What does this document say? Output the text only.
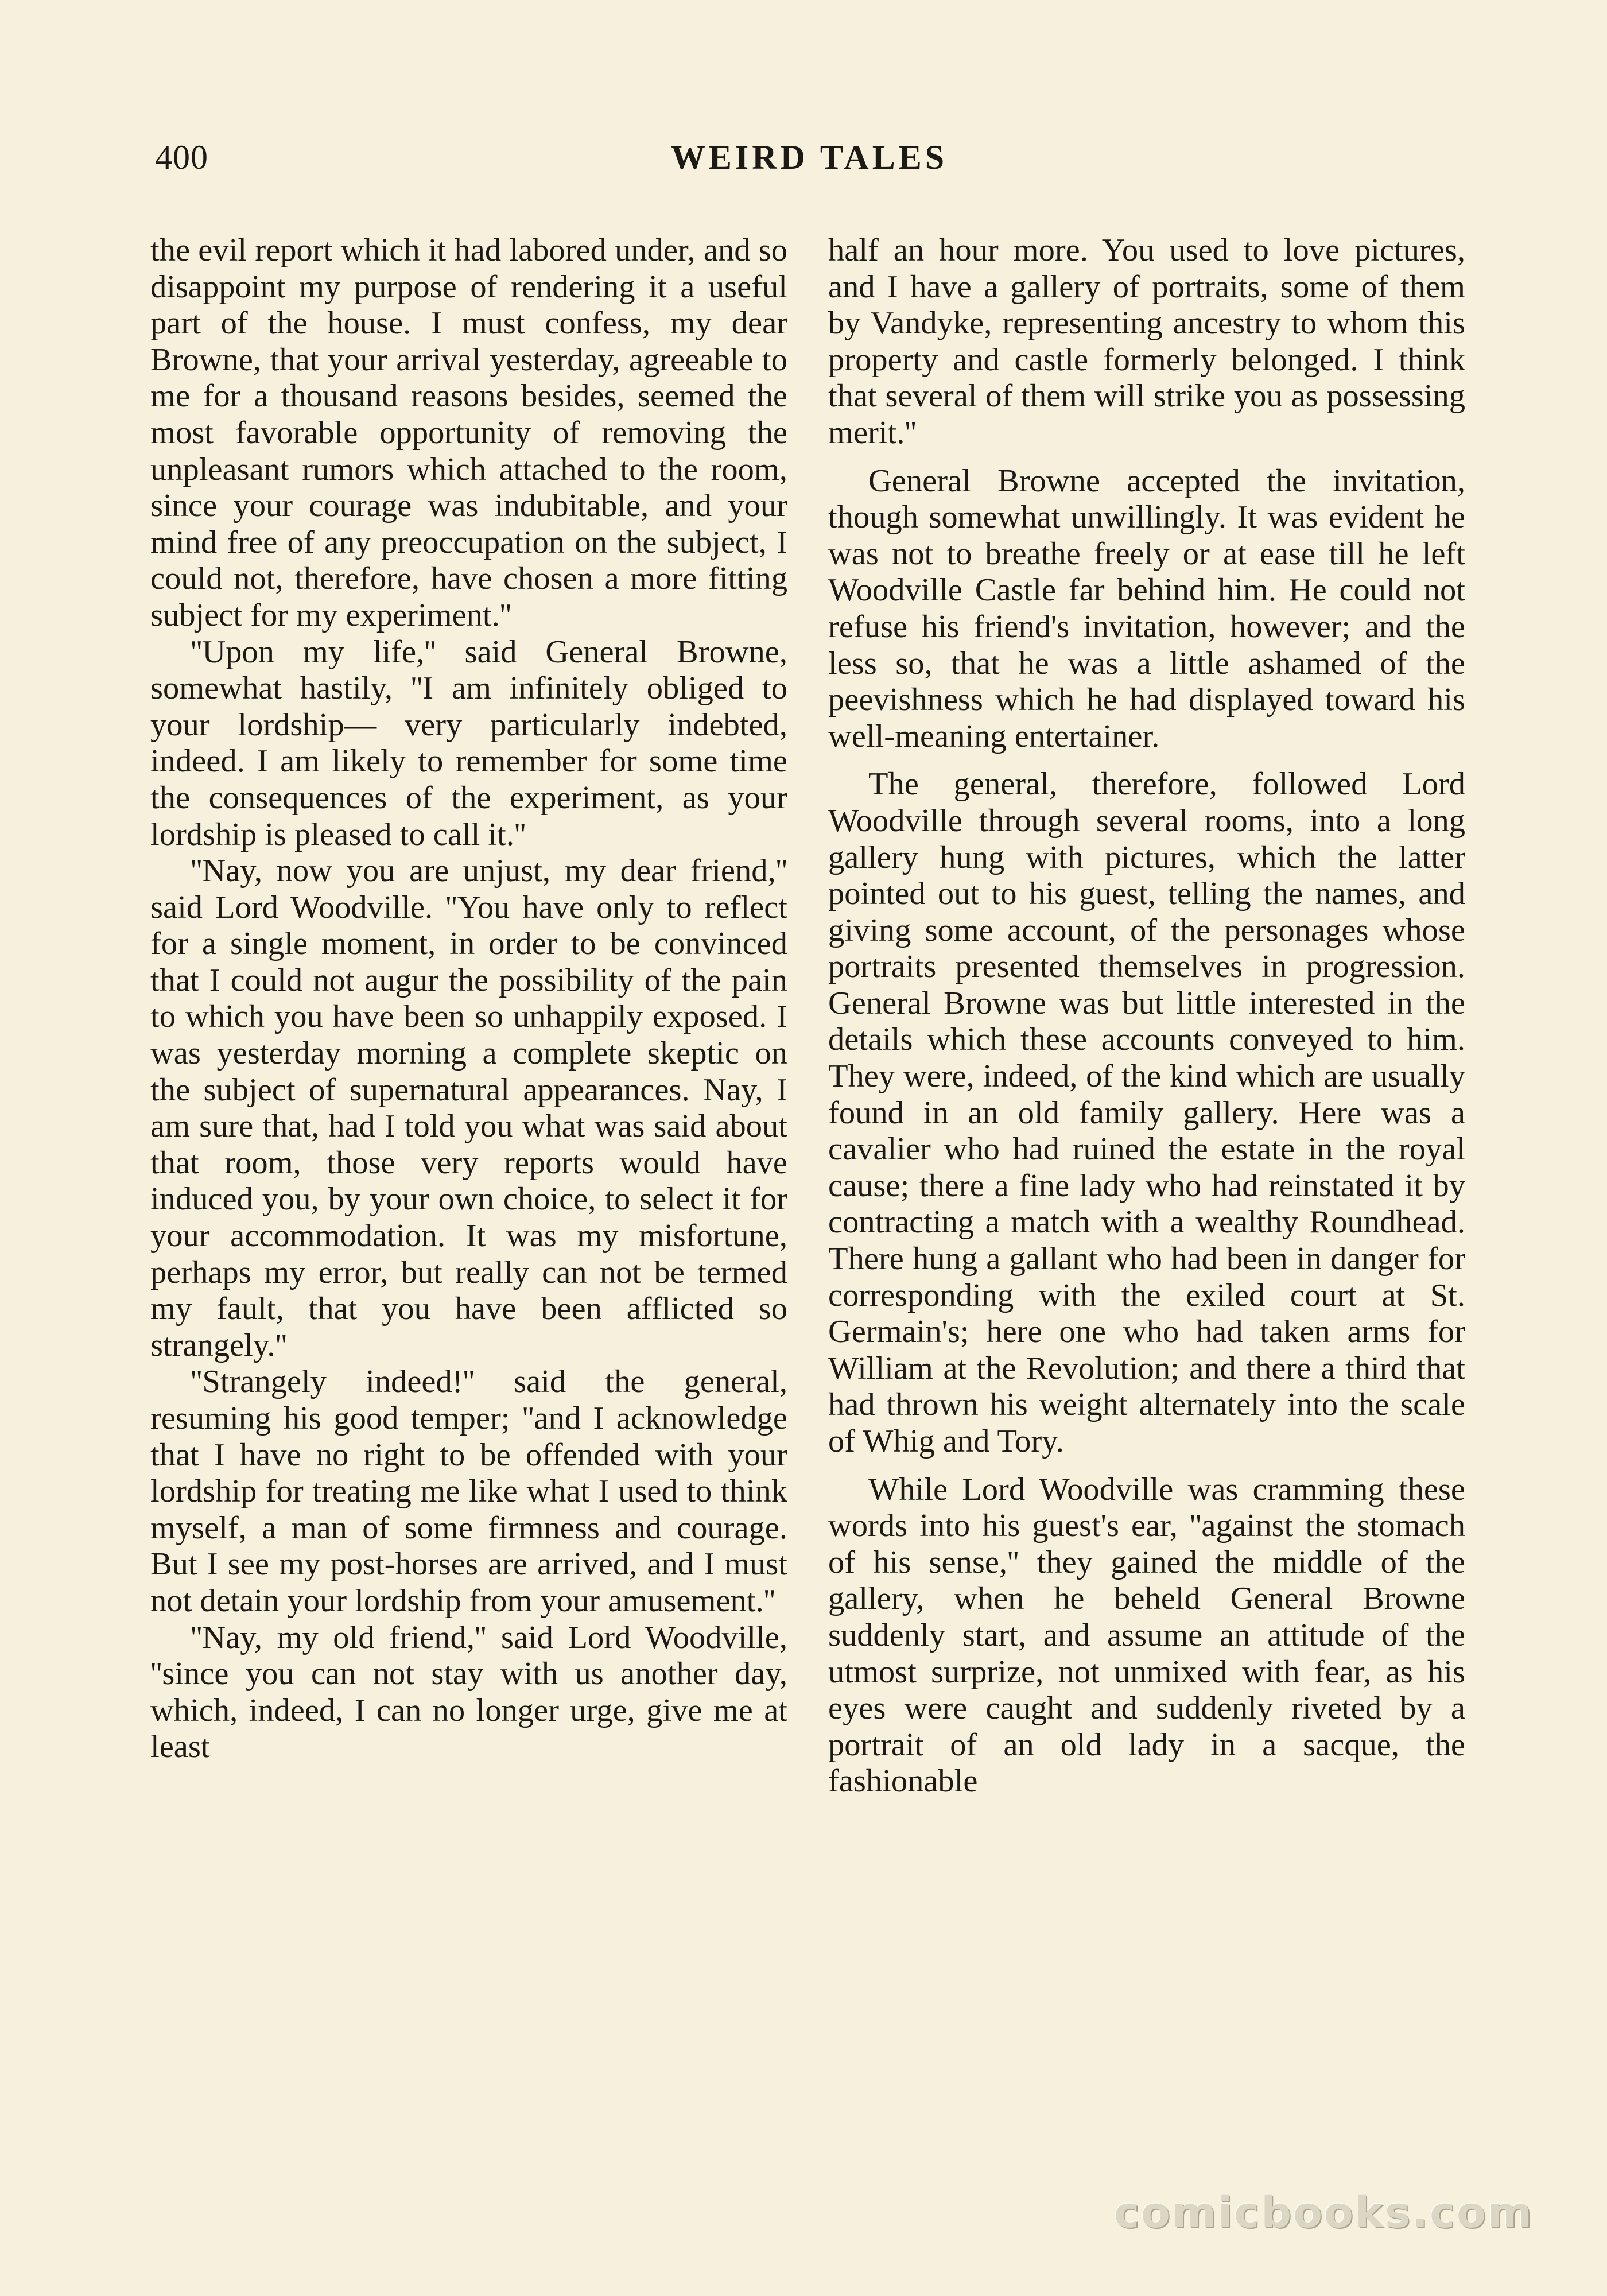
400	WEIRD TALES

the evil report which it had labored under, and so disappoint my purpose of rendering it a useful part of the house. I must confess, my dear Browne, that your arrival yesterday, agreeable to me for a thousand reasons besides, seemed the most favorable opportunity of removing the unpleasant rumors which attached to the room, since your courage was indubitable, and your mind free of any preoccupation on the subject, I could not, therefore, have chosen a more fitting subject for my experiment.''

''Upon my life,'' said General Browne, somewhat hastily, ''I am infinitely obliged to your lordship— very particularly indebted, indeed. I am likely to remember for some time the consequences of the experiment, as your lordship is pleased to call it.''

''Nay, now you are unjust, my dear friend,'' said Lord Woodville. ''You have only to reflect for a single moment, in order to be convinced that I could not augur the possibility of the pain to which you have been so unhappily exposed. I was yesterday morning a complete skeptic on the subject of supernatural appearances. Nay, I am sure that, had I told you what was said about that room, those very reports would have induced you, by your own choice, to select it for your accommodation. It was my misfortune, perhaps my error, but really can not be termed my fault, that you have been afflicted so strangely.''

''Strangely indeed!'' said the general, resuming his good temper; ''and I acknowledge that I have no right to be offended with your lordship for treating me like what I used to think myself, a man of some firmness and courage. But I see my post-horses are arrived, and I must not detain your lordship from your amusement.''

''Nay, my old friend,'' said Lord Woodville, ''since you can not stay with us another day, which, indeed, I can no longer urge, give me at least

half an hour more. You used to love pictures, and I have a gallery of portraits, some of them by Vandyke, representing ancestry to whom this property and castle formerly belonged. I think that several of them will strike you as possessing merit.''

General Browne accepted the invitation, though somewhat unwillingly. It was evident he was not to breathe freely or at ease till he left Woodville Castle far behind him. He could not refuse his friend's invitation, however; and the less so, that he was a little ashamed of the peevishness which he had displayed toward his well-meaning entertainer.

The general, therefore, followed Lord Woodville through several rooms, into a long gallery hung with pictures, which the latter pointed out to his guest, telling the names, and giving some account, of the personages whose portraits presented themselves in progression. General Browne was but little interested in the details which these accounts conveyed to him. They were, indeed, of the kind which are usually found in an old family gallery. Here was a cavalier who had ruined the estate in the royal cause; there a fine lady who had reinstated it by contracting a match with a wealthy Roundhead. There hung a gallant who had been in danger for corresponding with the exiled court at St. Germain's; here one who had taken arms for William at the Revolution; and there a third that had thrown his weight alternately into the scale of Whig and Tory.

While Lord Woodville was cramming these words into his guest's ear, ''against the stomach of his sense,'' they gained the middle of the gallery, when he beheld General Browne suddenly start, and assume an attitude of the utmost surprize, not unmixed with fear, as his eyes were caught and suddenly riveted by a portrait of an old lady in a sacque, the fashionable

comicbooks.com
